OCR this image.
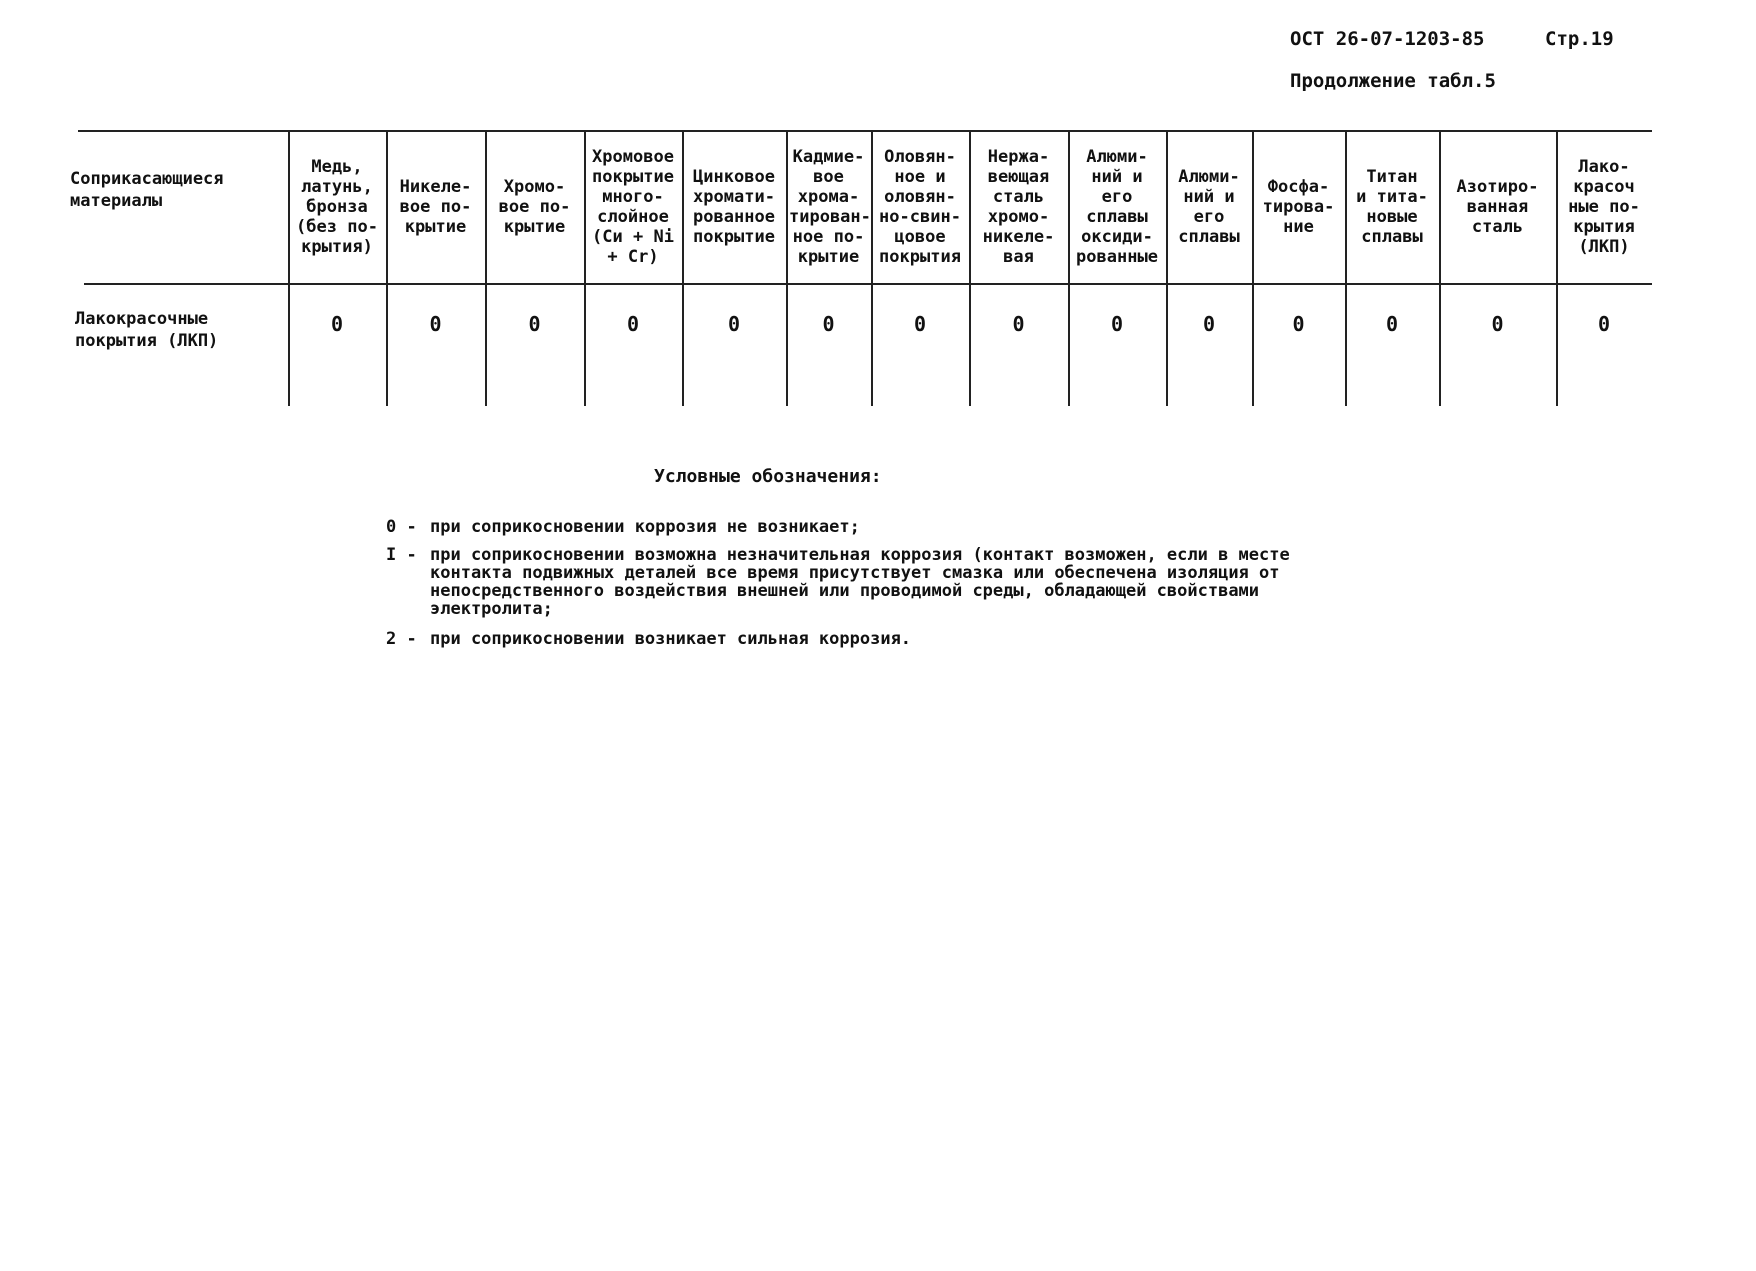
ОСТ 26-07-1203-85	Стр.19
Продолжение табл.5
Соприкасающиеся
материалы
Лакокрасочные
покрытия (ЛКП)
Медь,
латунь,
бронза
(без по-
крытия)
0
Никеле-
вое по-
крытие
0
Хромо-
вое по-
крытие
0
Хромовое
покрытие
много-
слойное
(Си + Ni
+ Cr)
0
Цинковое
хромати-
рованное
покрытие
0
Кадмие-
вое
хрома-
тирован-
ное по-
крытие
0
Оловян-
ное и
оловян-
но-свин-
цовое
покрытия
0
Нержа-
веющая
сталь
хромо-
никеле-
вая
0
Алюми-
ний и
его
сплавы
оксиди-
рованные
0
Алюми-
ний и
его
сплавы
0
Фосфа-
тирова-
ние
0
Титан
и тита-
новые
сплавы
0
Азотиро-
ванная
сталь
0
Лако-
красоч
ные по-
крытия
(ЛКП)
0
Условные обозначения:
0 - при соприкосновении коррозия не возникает;
I - при соприкосновении возможна незначительная коррозия (контакт возможен, если в месте
контакта подвижных деталей все время присутствует смазка или обеспечена изоляция от
непосредственного воздействия внешней или проводимой среды, обладающей свойствами
электролита;
2 - при соприкосновении возникает сильная коррозия.
